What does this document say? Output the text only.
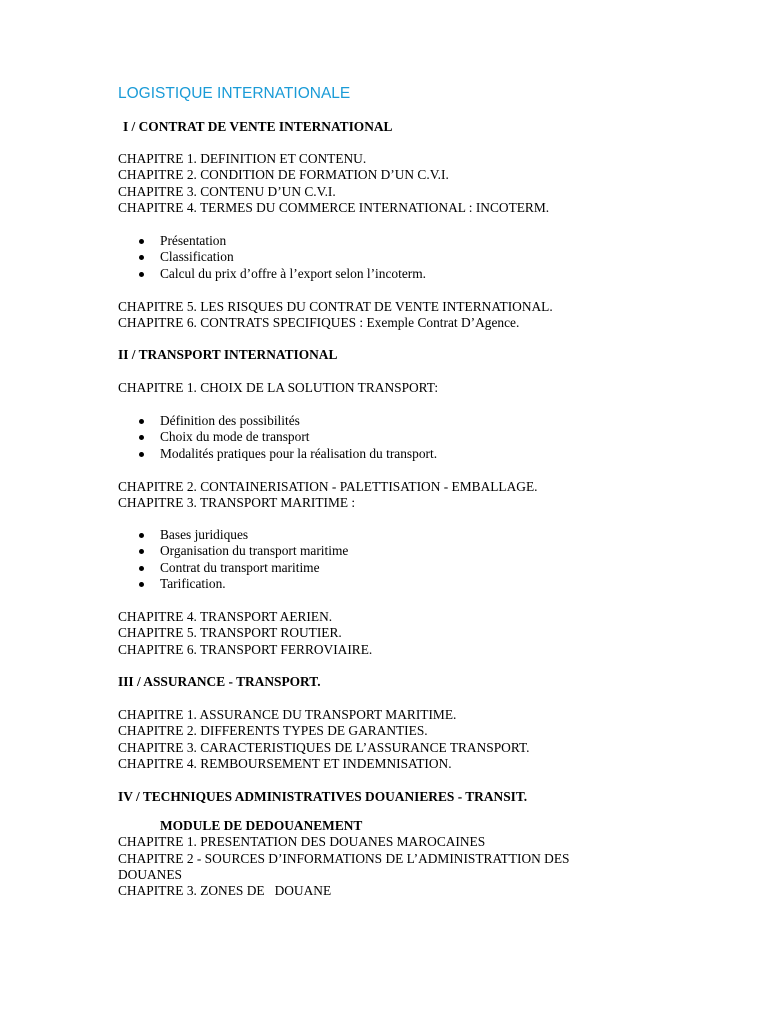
LOGISTIQUE INTERNATIONALE

I / CONTRAT DE VENTE INTERNATIONAL

CHAPITRE 1. DEFINITION ET CONTENU.

CHAPITRE 2. CONDITION DE FORMATION D’UN C.V.I.

CHAPITRE 3. CONTENU D’UN C.V.I.

CHAPITRE 4. TERMES DU COMMERCE INTERNATIONAL : INCOTERM.

Présentation
Classification
Calcul du prix d’offre à l’export selon l’incoterm.

CHAPITRE 5. LES RISQUES DU CONTRAT DE VENTE INTERNATIONAL.

CHAPITRE 6. CONTRATS SPECIFIQUES : Exemple Contrat D’Agence.

II / TRANSPORT INTERNATIONAL

CHAPITRE 1. CHOIX DE LA SOLUTION TRANSPORT:

Définition des possibilités
Choix du mode de transport
Modalités pratiques pour la réalisation du transport.

CHAPITRE 2. CONTAINERISATION - PALETTISATION - EMBALLAGE.

CHAPITRE 3. TRANSPORT MARITIME :

Bases juridiques
Organisation du transport maritime
Contrat du transport maritime
Tarification.

CHAPITRE 4. TRANSPORT AERIEN.

CHAPITRE 5. TRANSPORT ROUTIER.

CHAPITRE 6. TRANSPORT FERROVIAIRE.

III / ASSURANCE - TRANSPORT.

CHAPITRE 1. ASSURANCE DU TRANSPORT MARITIME.

CHAPITRE 2. DIFFERENTS TYPES DE GARANTIES.

CHAPITRE 3. CARACTERISTIQUES DE L’ASSURANCE TRANSPORT.

CHAPITRE 4. REMBOURSEMENT ET INDEMNISATION.

IV / TECHNIQUES ADMINISTRATIVES DOUANIERES - TRANSIT.

MODULE DE DEDOUANEMENT

CHAPITRE 1. PRESENTATION DES DOUANES MAROCAINES

CHAPITRE 2 - SOURCES D’INFORMATIONS DE L’ADMINISTRATTION DES DOUANES

CHAPITRE 3. ZONES DE   DOUANE
